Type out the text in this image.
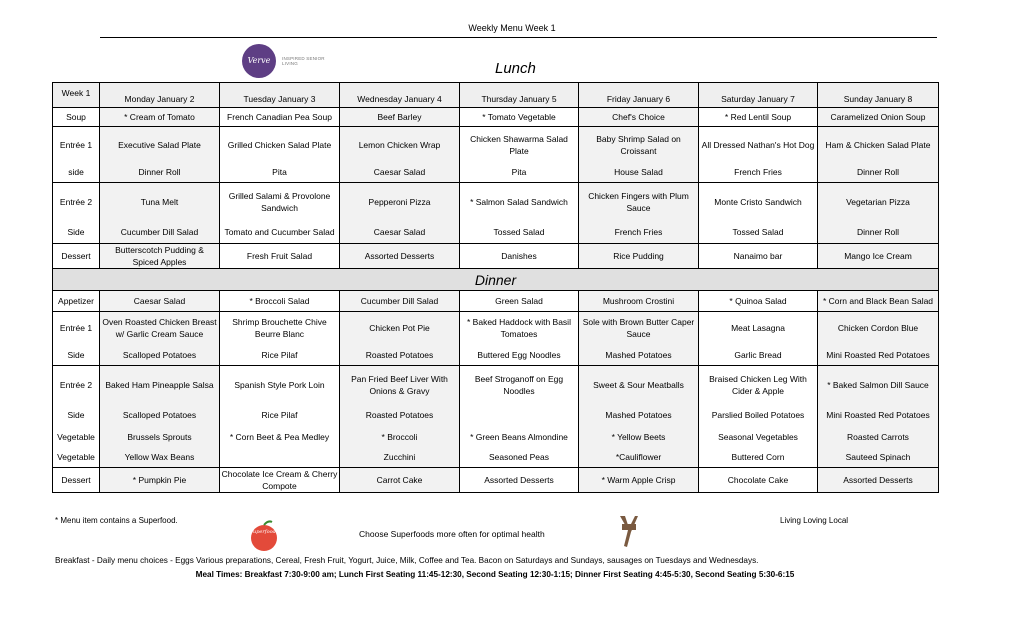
Weekly Menu Week 1
Verve	INSPIRED SENIOR LIVING	Lunch
Week 1	Monday January 2	Tuesday January 3	Wednesday January 4	Thursday January 5	Friday January 6	Saturday January 7	Sunday January 8
Soup	* Cream of Tomato	French Canadian Pea Soup	Beef Barley	* Tomato Vegetable	Chef's Choice	* Red Lentil Soup	Caramelized Onion Soup
Entrée 1	Executive Salad Plate	Grilled Chicken Salad Plate	Lemon Chicken Wrap	Chicken Shawarma Salad Plate	Baby Shrimp Salad on Croissant	All Dressed Nathan's Hot Dog	Ham & Chicken Salad Plate
side	Dinner Roll	Pita	Caesar Salad	Pita	House Salad	French Fries	Dinner Roll
Entrée 2	Tuna Melt	Grilled Salami & Provolone Sandwich	Pepperoni Pizza	* Salmon Salad Sandwich	Chicken Fingers with Plum Sauce	Monte Cristo Sandwich	Vegetarian Pizza
Side	Cucumber Dill Salad	Tomato and Cucumber Salad	Caesar Salad	Tossed Salad	French Fries	Tossed Salad	Dinner Roll
Dessert	Butterscotch Pudding & Spiced Apples	Fresh Fruit Salad	Assorted Desserts	Danishes	Rice Pudding	Nanaimo bar	Mango Ice Cream
Dinner							
Appetizer	Caesar Salad	* Broccoli Salad	Cucumber Dill Salad	Green Salad	Mushroom Crostini	* Quinoa Salad	* Corn and Black Bean Salad
Entrée 1	Oven Roasted Chicken Breast w/ Garlic Cream Sauce	Shrimp Brouchette Chive Beurre Blanc	Chicken Pot Pie	* Baked Haddock with Basil Tomatoes	Sole with Brown Butter Caper Sauce	Meat Lasagna	Chicken Cordon Blue
Side	Scalloped Potatoes	Rice Pilaf	Roasted Potatoes	Buttered Egg Noodles	Mashed Potatoes	Garlic Bread	Mini Roasted Red Potatoes
Entrée 2	Baked Ham Pineapple Salsa	Spanish Style Pork Loin	Pan Fried Beef Liver With Onions & Gravy	Beef Stroganoff on Egg Noodles	Sweet & Sour Meatballs	Braised Chicken Leg With Cider & Apple	* Baked Salmon Dill Sauce
Side	Scalloped Potatoes	Rice Pilaf	Roasted Potatoes		Mashed Potatoes	Parslied Boiled Potatoes	Mini Roasted Red Potatoes
Vegetable	Brussels Sprouts	* Corn Beet & Pea Medley	* Broccoli	* Green Beans Almondine	* Yellow Beets	Seasonal Vegetables	Roasted Carrots
Vegetable	Yellow Wax Beans		Zucchini	Seasoned Peas	*Cauliflower	Buttered Corn	Sauteed Spinach
Dessert	* Pumpkin Pie	Chocolate Ice Cream & Cherry Compote	Carrot Cake	Assorted Desserts	* Warm Apple Crisp	Chocolate Cake	Assorted Desserts
* Menu item contains a Superfood.	Living Loving Local
Superfoods	Choose Superfoods more often for optimal health
Breakfast - Daily menu choices - Eggs Various preparations, Cereal, Fresh Fruit, Yogurt, Juice, Milk, Coffee and Tea. Bacon on Saturdays and Sundays, sausages on Tuesdays and Wednesdays.
Meal Times: Breakfast 7:30-9:00 am; Lunch First Seating 11:45-12:30, Second Seating 12:30-1:15; Dinner First Seating 4:45-5:30, Second Seating 5:30-6:15
